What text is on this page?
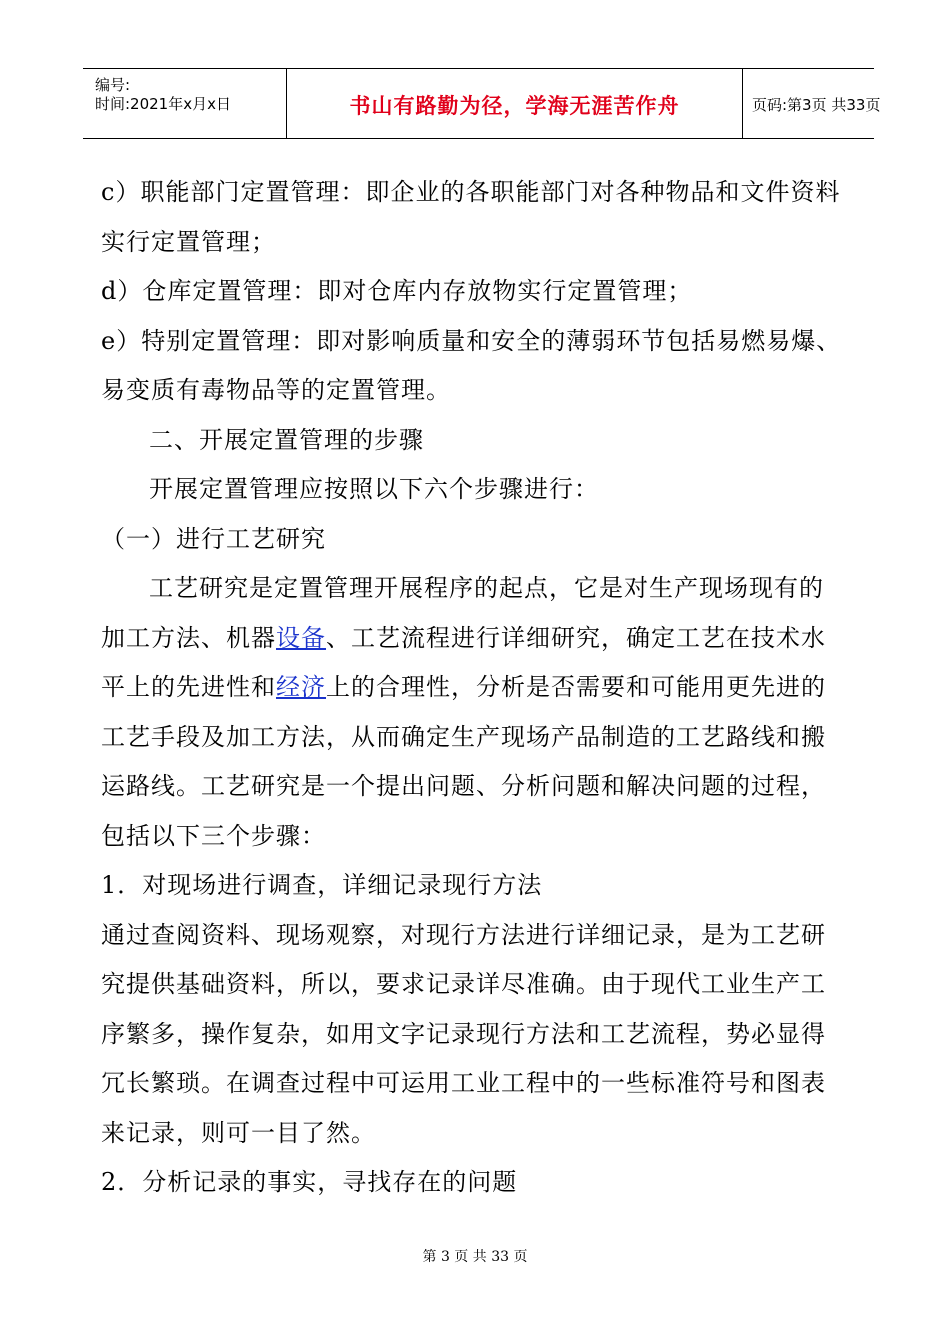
编号:
时间:2021年x月x日	书山有路勤为径，学海无涯苦作舟	页码:第3页 共33页
c）职能部门定置管理：即企业的各职能部门对各种物品和文件资料
实行定置管理；
d）仓库定置管理：即对仓库内存放物实行定置管理；
e）特别定置管理：即对影响质量和安全的薄弱环节包括易燃易爆、
易变质有毒物品等的定置管理。
二、开展定置管理的步骤
开展定置管理应按照以下六个步骤进行：
（一）进行工艺研究
工艺研究是定置管理开展程序的起点，它是对生产现场现有的
加工方法、机器设备、工艺流程进行详细研究，确定工艺在技术水
平上的先进性和经济上的合理性，分析是否需要和可能用更先进的
工艺手段及加工方法，从而确定生产现场产品制造的工艺路线和搬
运路线。工艺研究是一个提出问题、分析问题和解决问题的过程，
包括以下三个步骤：
1．对现场进行调查，详细记录现行方法
通过查阅资料、现场观察，对现行方法进行详细记录，是为工艺研
究提供基础资料，所以，要求记录详尽准确。由于现代工业生产工
序繁多，操作复杂，如用文字记录现行方法和工艺流程，势必显得
冗长繁琐。在调查过程中可运用工业工程中的一些标准符号和图表
来记录，则可一目了然。
2．分析记录的事实，寻找存在的问题
第 3 页 共 33 页
